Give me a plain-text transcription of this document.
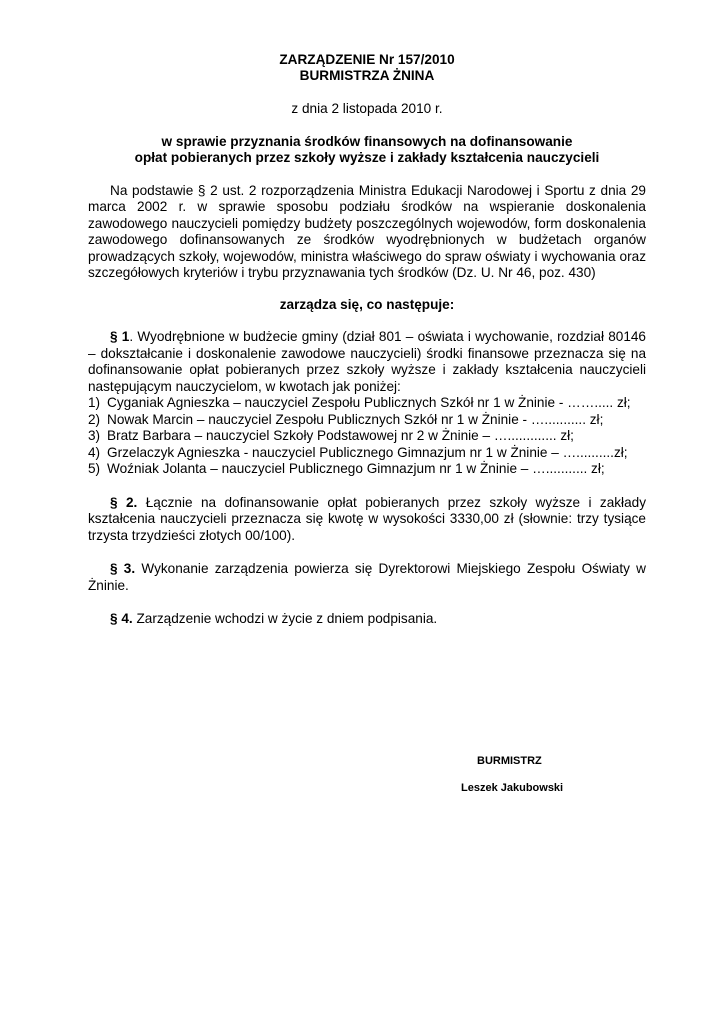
ZARZĄDZENIE Nr 157/2010
BURMISTRZA ŻNINA
z dnia 2 listopada 2010 r.
w sprawie przyznania środków finansowych na dofinansowanie
opłat pobieranych przez szkoły wyższe i zakłady kształcenia nauczycieli

Na podstawie § 2 ust. 2 rozporządzenia Ministra Edukacji Narodowej i Sportu z dnia 29 marca 2002 r. w sprawie sposobu podziału środków na wspieranie doskonalenia zawodowego nauczycieli pomiędzy budżety poszczególnych wojewodów, form doskonalenia zawodowego dofinansowanych ze środków wyodrębnionych w budżetach organów prowadzących szkoły, wojewodów, ministra właściwego do spraw oświaty i wychowania oraz szczegółowych kryteriów i trybu przyznawania tych środków (Dz. U. Nr 46, poz. 430)

zarządza się, co następuje:

§ 1. Wyodrębnione w budżecie gminy (dział 801 – oświata i wychowanie, rozdział 80146 – dokształcanie i doskonalenie zawodowe nauczycieli) środki finansowe przeznacza się na dofinansowanie opłat pobieranych przez szkoły wyższe i zakłady kształcenia nauczycieli następującym nauczycielom, w kwotach jak poniżej:

1) Cyganiak Agnieszka – nauczyciel Zespołu Publicznych Szkół nr 1 w Żninie - ……..... zł;
2) Nowak Marcin – nauczyciel Zespołu Publicznych Szkół nr 1 w Żninie - …........... zł;
3) Bratz Barbara – nauczyciel Szkoły Podstawowej nr 2 w Żninie – …............. zł;
4) Grzelaczyk Agnieszka - nauczyciel Publicznego Gimnazjum nr 1 w Żninie – …..........zł;
5) Woźniak Jolanta – nauczyciel Publicznego Gimnazjum nr 1 w Żninie – …........... zł;

§ 2. Łącznie na dofinansowanie opłat pobieranych przez szkoły wyższe i zakłady kształcenia nauczycieli przeznacza się kwotę w wysokości 3330,00 zł (słownie: trzy tysiące trzysta trzydzieści złotych 00/100).

§ 3. Wykonanie zarządzenia powierza się Dyrektorowi Miejskiego Zespołu Oświaty w Żninie.

§ 4. Zarządzenie wchodzi w życie z dniem podpisania.

BURMISTRZ
Leszek Jakubowski
